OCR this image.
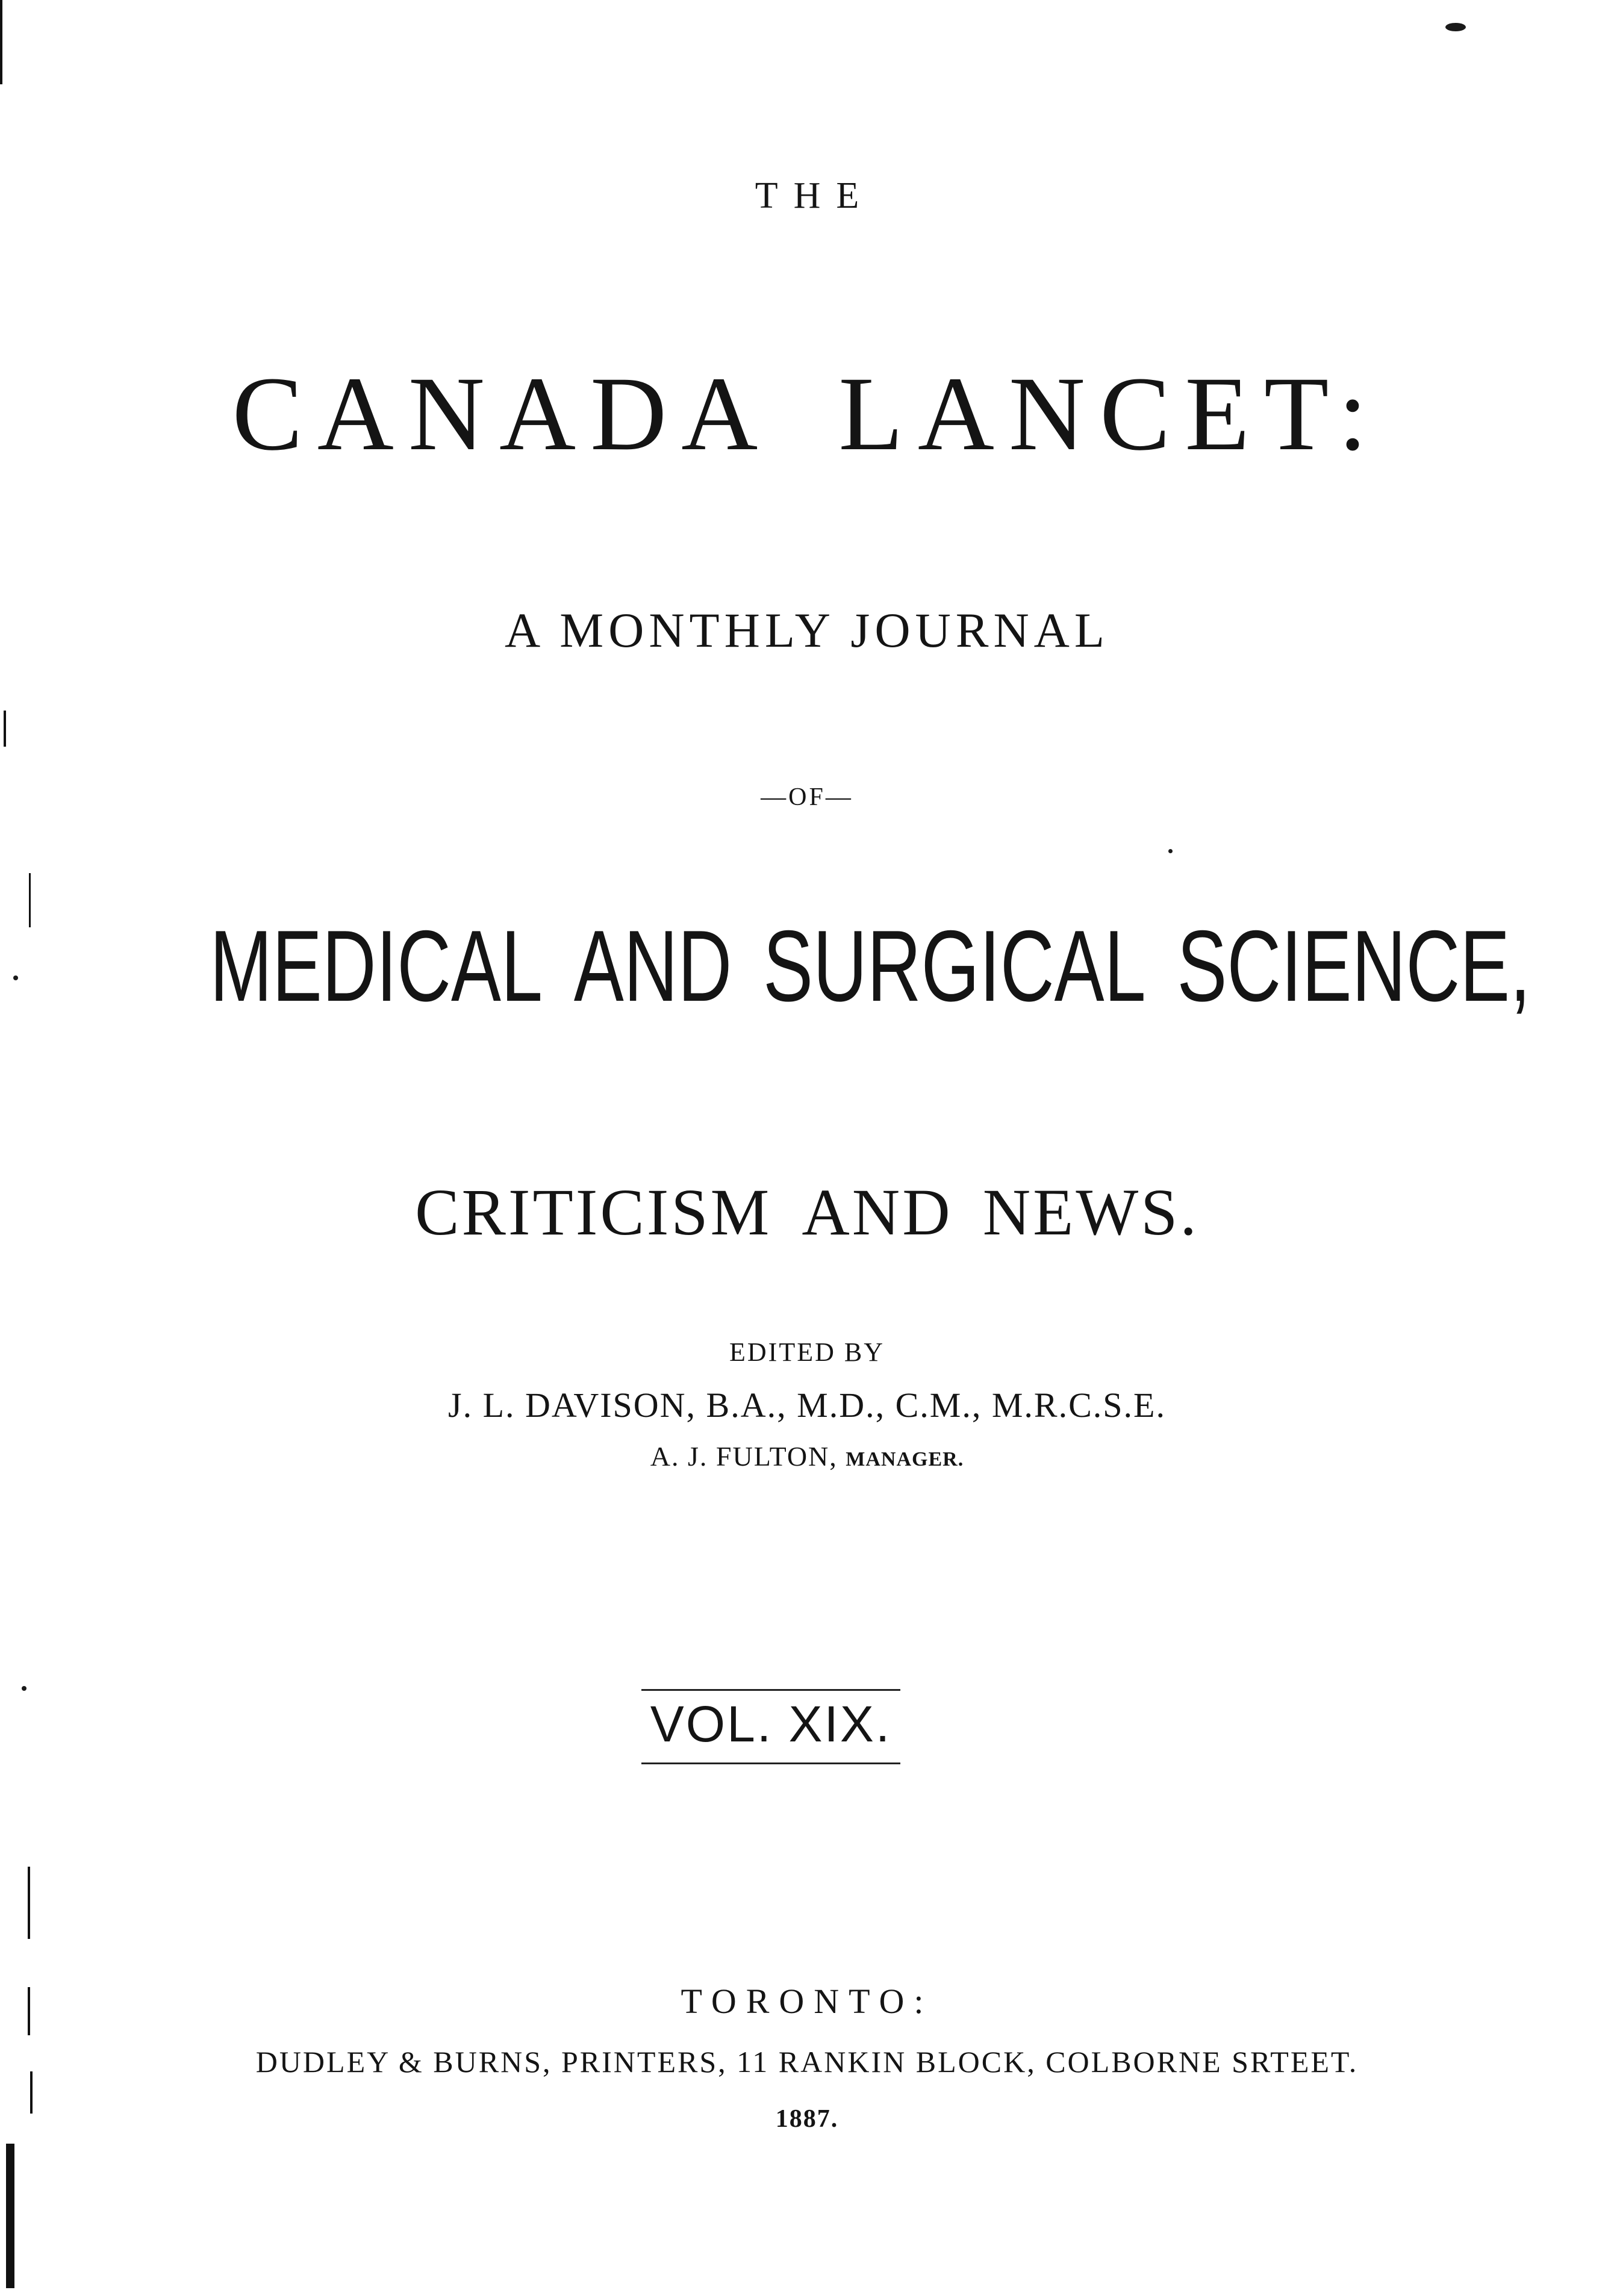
THE
CANADA LANCET:
A MONTHLY JOURNAL
—OF—
MEDICAL AND SURGICAL SCIENCE,
CRITICISM AND NEWS.
EDITED BY
J. L. DAVISON, B.A., M.D., C.M., M.R.C.S.E.
A. J. FULTON, MANAGER.
VOL. XIX.
TORONTO:
DUDLEY & BURNS, PRINTERS, 11 RANKIN BLOCK, COLBORNE SRTEET.
1887.
